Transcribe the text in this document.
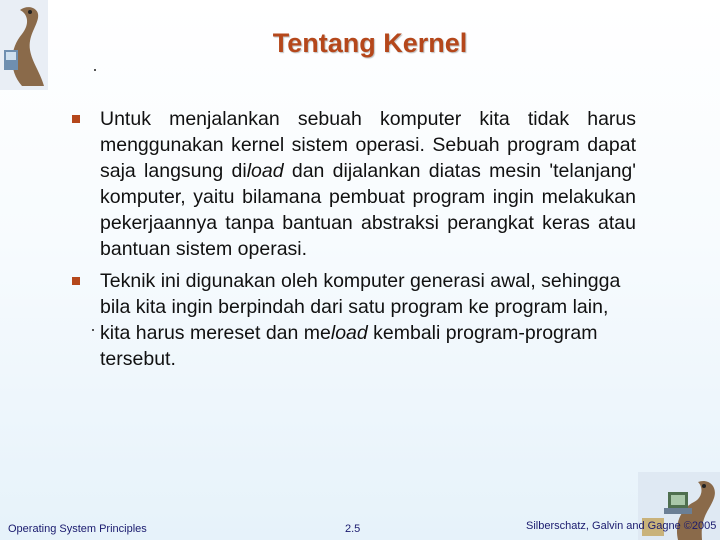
Tentang Kernel

Untuk menjalankan sebuah komputer kita tidak harus menggunakan kernel sistem operasi. Sebuah program dapat saja langsung diload dan dijalankan diatas mesin 'telanjang' komputer, yaitu bilamana pembuat program ingin melakukan pekerjaannya tanpa bantuan abstraksi perangkat keras atau bantuan sistem operasi.

Teknik ini digunakan oleh komputer generasi awal, sehingga bila kita ingin berpindah dari satu program ke program lain, kita harus mereset dan meload kembali program-program tersebut.

Operating System Principles	2.5	Silberschatz, Galvin and Gagne ©2005
